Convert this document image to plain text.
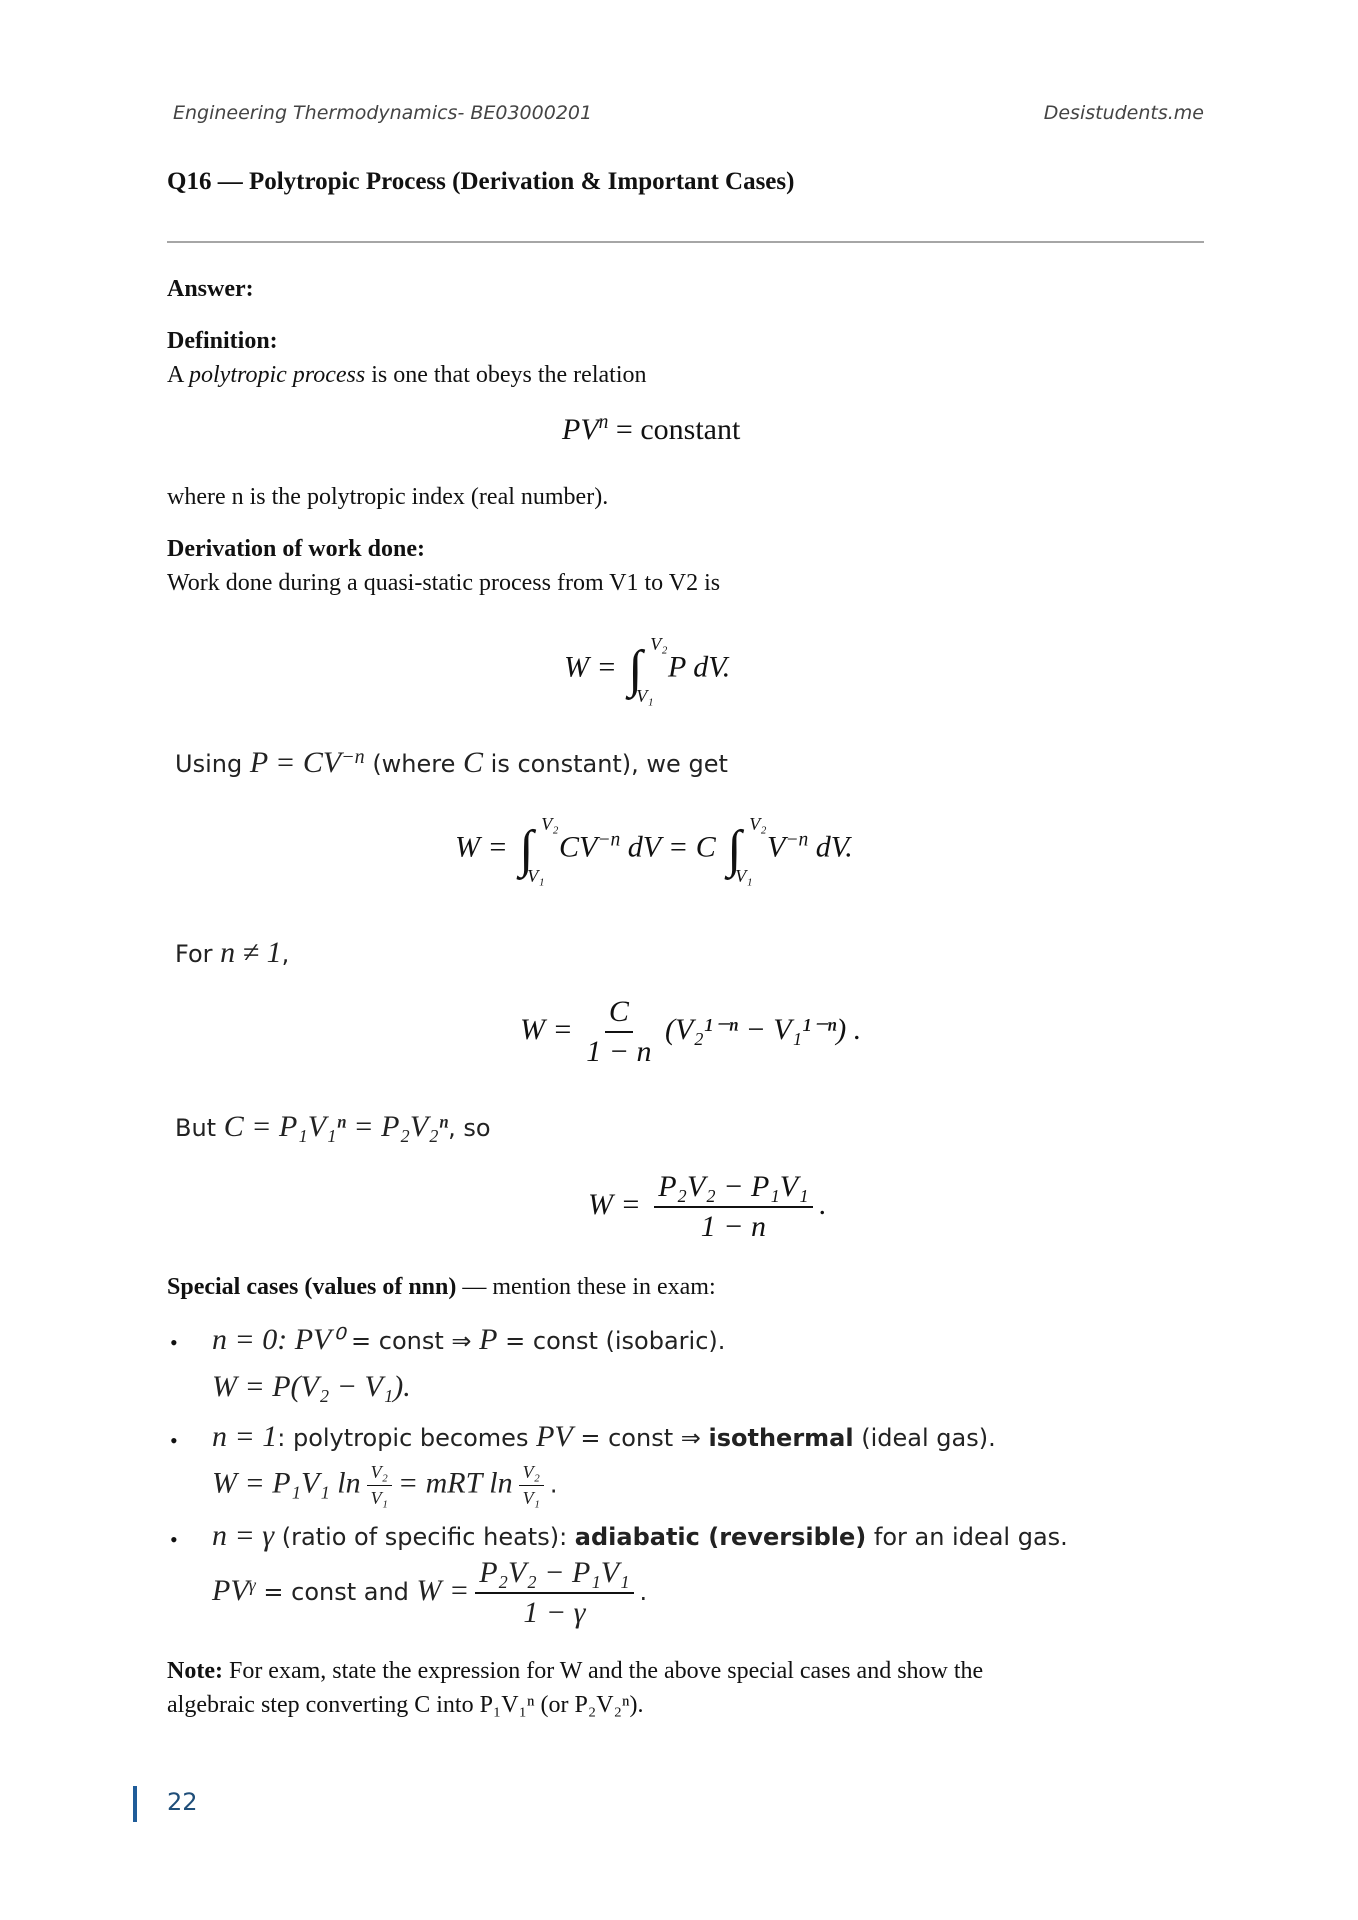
Engineering Thermodynamics- BE03000201	Desistudents.me
Q16 — Polytropic Process (Derivation & Important Cases)
Answer:
Definition:
A polytropic process is one that obeys the relation
$PV^n$ = constant
where n is the polytropic index (real number).
Derivation of work done:
Work done during a quasi-static process from V1 to V2 is
W = ∫ V₂
V₁
P dV.
Using $P = CV^{-n}$ (where C is constant), we get
W = ∫ V₂
V₁
$CV^{-n}$ dV = C ∫ V₂
V₁
$V^{-n}$ dV.
For n ≠ 1,
$W = \frac{C}{1 - n} (V_2^{1-n} - V_1^{1-n})$ .
But C = P₁V₁ⁿ = P₂V₂ⁿ, so
$W = \frac{\text{P₂V₂ − P₁V₁}}{1 - n}$ .
Special cases (values of nnn) — mention these in exam:
• n = 0: PV⁰ = const ⇒ P = const (isobaric).
W = P(V₂ − V₁).
• n = 1: polytropic becomes PV = const ⇒ isothermal (ideal gas).
W = P₁V₁ $\ln \frac{\text{V₂}}{\text{V₁}}$ = mRT $\ln \frac{\text{V₂}}{\text{V₁}}$ .
• n = γ (ratio of specific heats): adiabatic (reversible) for an ideal gas.
$PV^\gamma$ = const and $W = \frac{\text{P₂V₂ − P₁V₁}}{1 - \gamma}$ .
Note: For exam, state the expression for W and the above special cases and show the
algebraic step converting C into P₁V₁ⁿ (or P₂V₂ⁿ).
22
